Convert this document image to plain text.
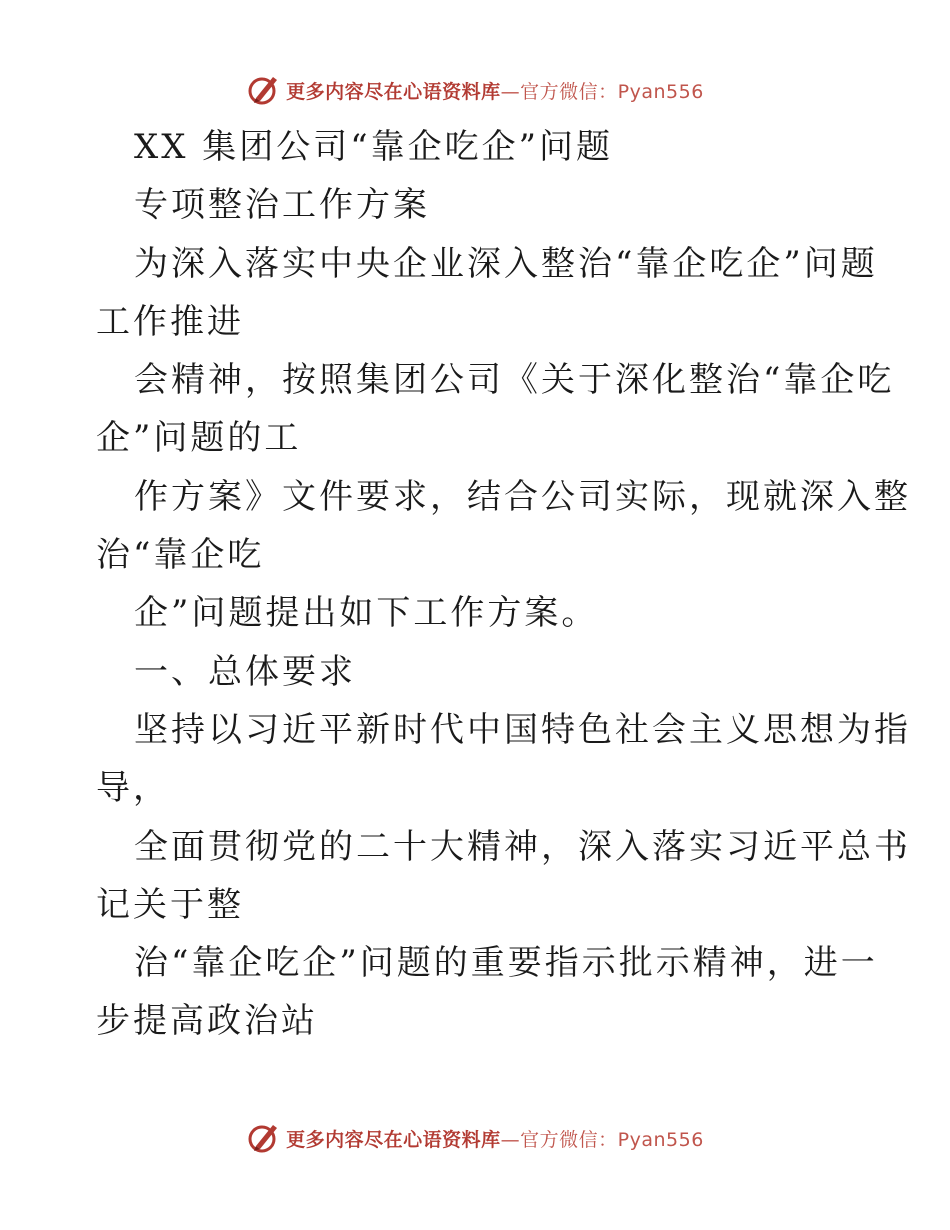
更多内容尽在心语资料库—官方微信：Pyan556
XX 集团公司“靠企吃企”问题
专项整治工作方案
为深入落实中央企业深入整治“靠企吃企”问题
工作推进
会精神，按照集团公司《关于深化整治“靠企吃
企”问题的工
作方案》文件要求，结合公司实际，现就深入整
治“靠企吃
企”问题提出如下工作方案。
一、总体要求
坚持以习近平新时代中国特色社会主义思想为指
导，
全面贯彻党的二十大精神，深入落实习近平总书
记关于整
治“靠企吃企”问题的重要指示批示精神，进一
步提高政治站
更多内容尽在心语资料库—官方微信：Pyan556
